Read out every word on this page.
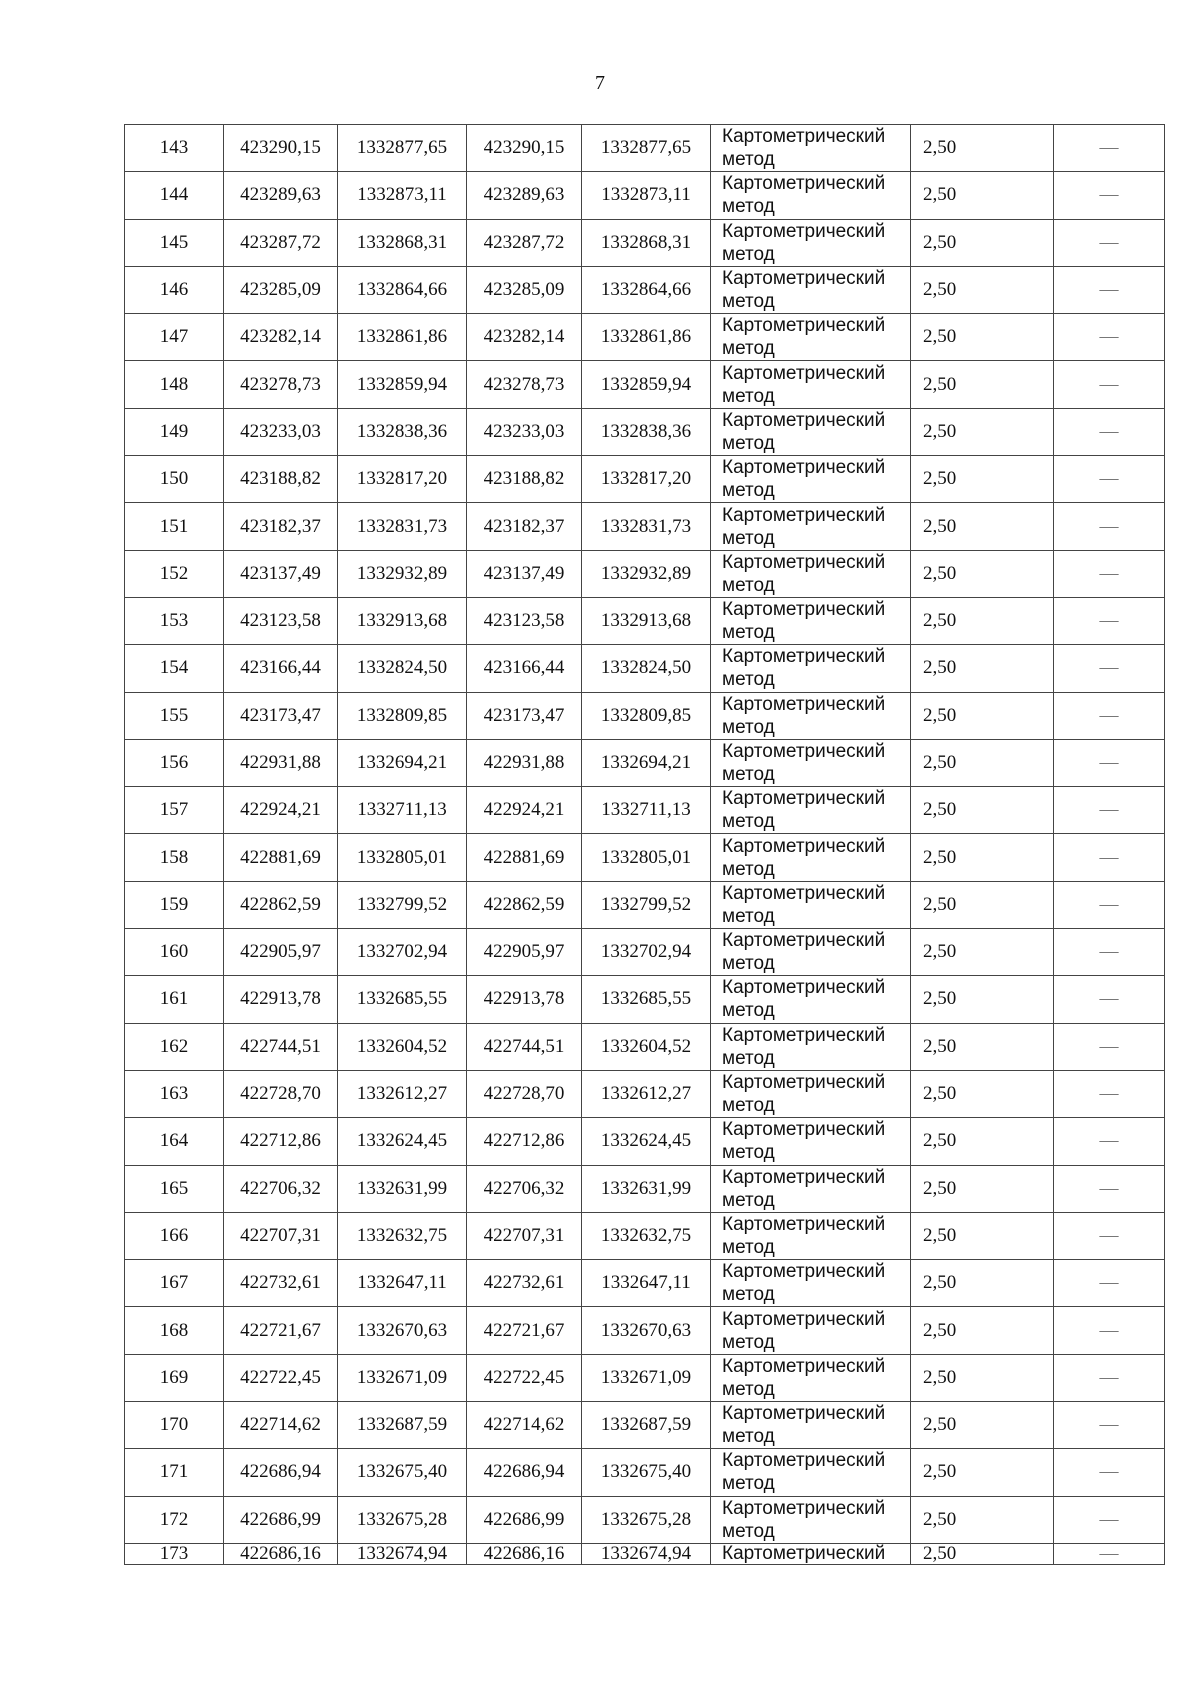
7
143	423290,15	1332877,65	423290,15	1332877,65	Картометрический метод	2,50	—
144	423289,63	1332873,11	423289,63	1332873,11	Картометрический метод	2,50	—
145	423287,72	1332868,31	423287,72	1332868,31	Картометрический метод	2,50	—
146	423285,09	1332864,66	423285,09	1332864,66	Картометрический метод	2,50	—
147	423282,14	1332861,86	423282,14	1332861,86	Картометрический метод	2,50	—
148	423278,73	1332859,94	423278,73	1332859,94	Картометрический метод	2,50	—
149	423233,03	1332838,36	423233,03	1332838,36	Картометрический метод	2,50	—
150	423188,82	1332817,20	423188,82	1332817,20	Картометрический метод	2,50	—
151	423182,37	1332831,73	423182,37	1332831,73	Картометрический метод	2,50	—
152	423137,49	1332932,89	423137,49	1332932,89	Картометрический метод	2,50	—
153	423123,58	1332913,68	423123,58	1332913,68	Картометрический метод	2,50	—
154	423166,44	1332824,50	423166,44	1332824,50	Картометрический метод	2,50	—
155	423173,47	1332809,85	423173,47	1332809,85	Картометрический метод	2,50	—
156	422931,88	1332694,21	422931,88	1332694,21	Картометрический метод	2,50	—
157	422924,21	1332711,13	422924,21	1332711,13	Картометрический метод	2,50	—
158	422881,69	1332805,01	422881,69	1332805,01	Картометрический метод	2,50	—
159	422862,59	1332799,52	422862,59	1332799,52	Картометрический метод	2,50	—
160	422905,97	1332702,94	422905,97	1332702,94	Картометрический метод	2,50	—
161	422913,78	1332685,55	422913,78	1332685,55	Картометрический метод	2,50	—
162	422744,51	1332604,52	422744,51	1332604,52	Картометрический метод	2,50	—
163	422728,70	1332612,27	422728,70	1332612,27	Картометрический метод	2,50	—
164	422712,86	1332624,45	422712,86	1332624,45	Картометрический метод	2,50	—
165	422706,32	1332631,99	422706,32	1332631,99	Картометрический метод	2,50	—
166	422707,31	1332632,75	422707,31	1332632,75	Картометрический метод	2,50	—
167	422732,61	1332647,11	422732,61	1332647,11	Картометрический метод	2,50	—
168	422721,67	1332670,63	422721,67	1332670,63	Картометрический метод	2,50	—
169	422722,45	1332671,09	422722,45	1332671,09	Картометрический метод	2,50	—
170	422714,62	1332687,59	422714,62	1332687,59	Картометрический метод	2,50	—
171	422686,94	1332675,40	422686,94	1332675,40	Картометрический метод	2,50	—
172	422686,99	1332675,28	422686,99	1332675,28	Картометрический метод	2,50	—
173	422686,16	1332674,94	422686,16	1332674,94	Картометрический	2,50	—
